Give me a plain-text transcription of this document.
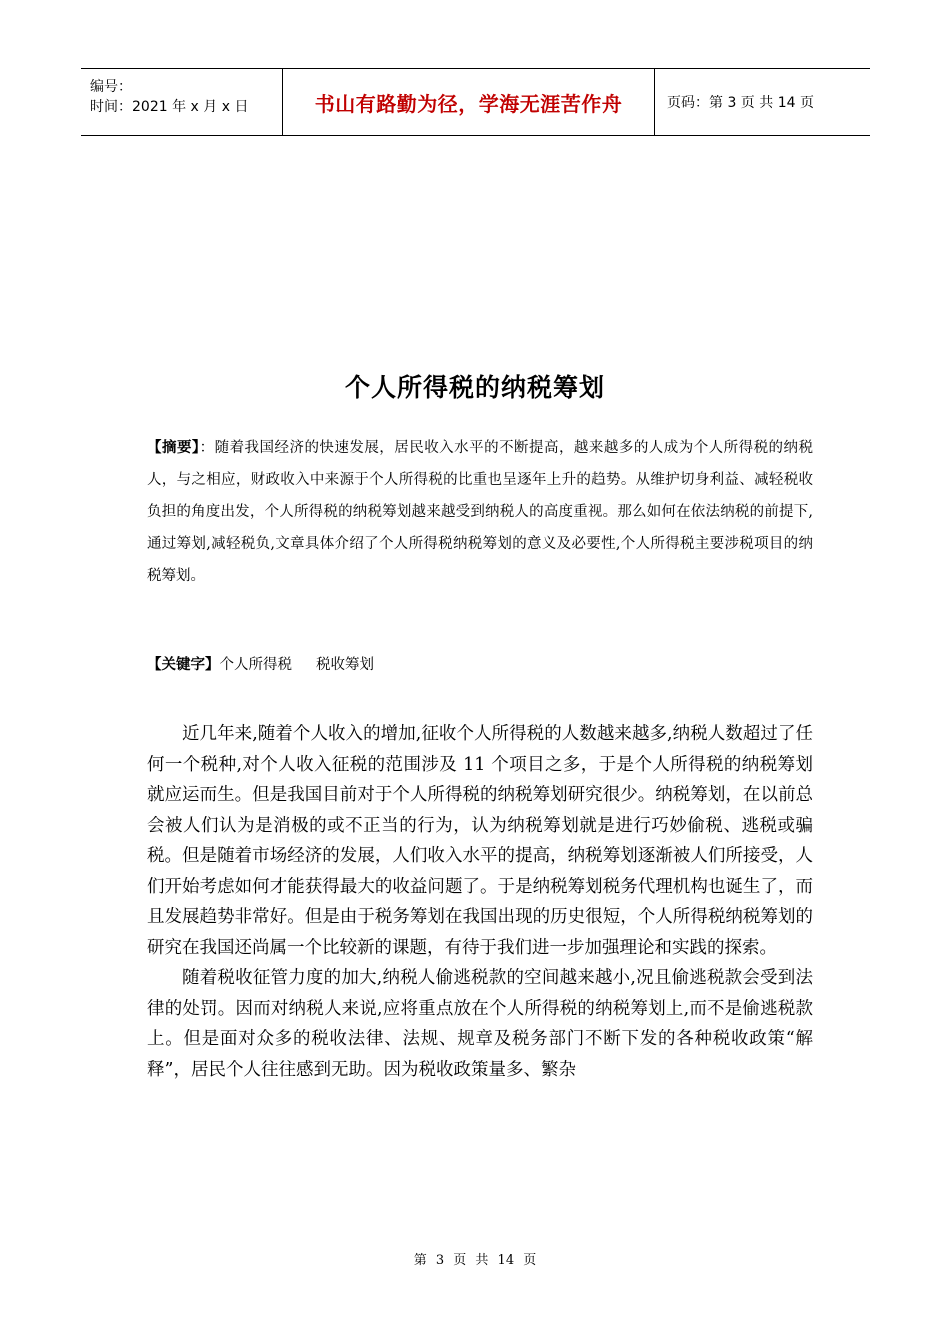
编号：
时间：2021 年 x 月 x 日	书山有路勤为径，学海无涯苦作舟	页码：第 3 页 共 14 页
个人所得税的纳税筹划

【摘要】：随着我国经济的快速发展，居民收入水平的不断提高，越来越多的人成为个人所得税的纳税人，与之相应，财政收入中来源于个人所得税的比重也呈逐年上升的趋势。从维护切身利益、减轻税收负担的角度出发，个人所得税的纳税筹划越来越受到纳税人的高度重视。那么如何在依法纳税的前提下,通过筹划,减轻税负,文章具体介绍了个人所得税纳税筹划的意义及必要性,个人所得税主要涉税项目的纳税筹划。

【关键字】个人所得税 税收筹划

近几年来,随着个人收入的增加,征收个人所得税的人数越来越多,纳税人数超过了任何一个税种,对个人收入征税的范围涉及 11 个项目之多，于是个人所得税的纳税筹划就应运而生。但是我国目前对于个人所得税的纳税筹划研究很少。纳税筹划，在以前总会被人们认为是消极的或不正当的行为，认为纳税筹划就是进行巧妙偷税、逃税或骗税。但是随着市场经济的发展，人们收入水平的提高，纳税筹划逐渐被人们所接受，人们开始考虑如何才能获得最大的收益问题了。于是纳税筹划税务代理机构也诞生了，而且发展趋势非常好。但是由于税务筹划在我国出现的历史很短，个人所得税纳税筹划的研究在我国还尚属一个比较新的课题，有待于我们进一步加强理论和实践的探索。

随着税收征管力度的加大,纳税人偷逃税款的空间越来越小,况且偷逃税款会受到法律的处罚。因而对纳税人来说,应将重点放在个人所得税的纳税筹划上,而不是偷逃税款上。但是面对众多的税收法律、法规、规章及税务部门不断下发的各种税收政策“解释”，居民个人往往感到无助。因为税收政策量多、繁杂

第 3 页 共 14 页
